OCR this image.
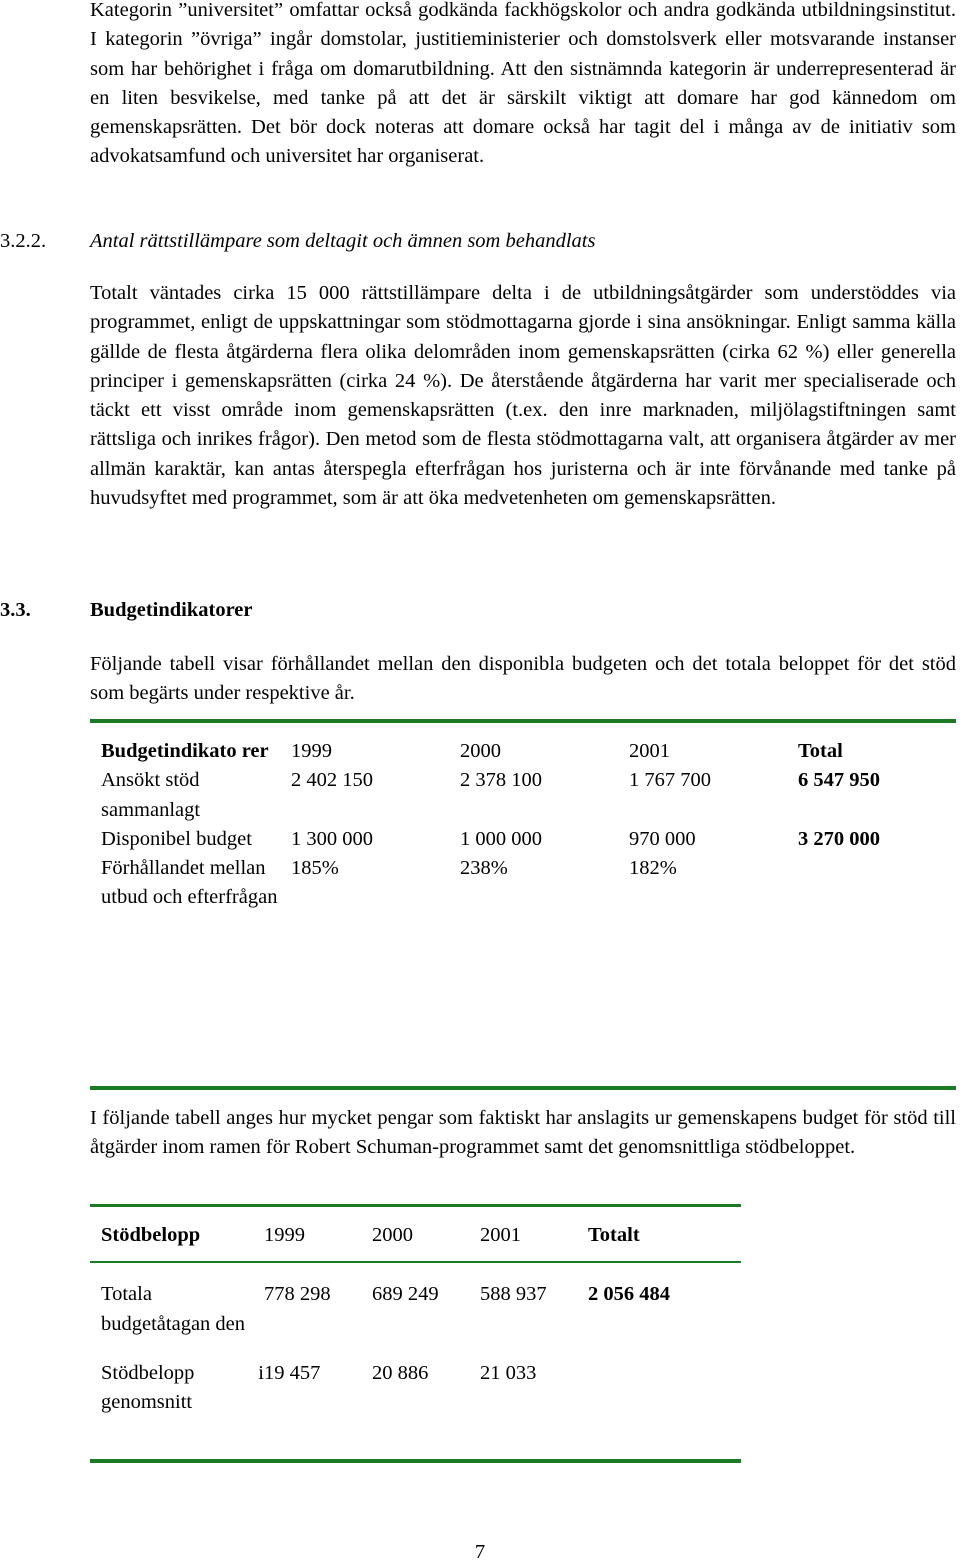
Kategorin ”universitet” omfattar också godkända fackhögskolor och andra godkända utbildningsinstitut. I kategorin ”övriga” ingår domstolar, justitieministerier och domstolsverk eller motsvarande instanser som har behörighet i fråga om domarutbildning. Att den sistnämnda kategorin är underrepresenterad är en liten besvikelse, med tanke på att det är särskilt viktigt att domare har god kännedom om gemenskapsrätten. Det bör dock noteras att domare också har tagit del i många av de initiativ som advokatsamfund och universitet har organiserat.
3.2.2. Antal rättstillämpare som deltagit och ämnen som behandlats
Totalt väntades cirka 15 000 rättstillämpare delta i de utbildningsåtgärder som understöddes via programmet, enligt de uppskattningar som stödmottagarna gjorde i sina ansökningar. Enligt samma källa gällde de flesta åtgärderna flera olika delområden inom gemenskapsrätten (cirka 62 %) eller generella principer i gemenskapsrätten (cirka 24 %). De återstående åtgärderna har varit mer specialiserade och täckt ett visst område inom gemenskapsrätten (t.ex. den inre marknaden, miljölagstiftningen samt rättsliga och inrikes frågor). Den metod som de flesta stödmottagarna valt, att organisera åtgärder av mer allmän karaktär, kan antas återspegla efterfrågan hos juristerna och är inte förvånande med tanke på huvudsyftet med programmet, som är att öka medvetenheten om gemenskapsrätten.
3.3.	Budgetindikatorer
Följande tabell visar förhållandet mellan den disponibla budgeten och det totala beloppet för det stöd som begärts under respektive år.
Budgetindikato rer	1999	2000	2001	Total
Ansökt stöd sammanlagt	2 402 150	2 378 100	1 767 700	6 547 950
Disponibel budget	1 300 000	1 000 000	970 000	3 270 000
Förhållandet mellan utbud och efterfrågan	185%	238%	182%	
I följande tabell anges hur mycket pengar som faktiskt har anslagits ur gemenskapens budget för stöd till åtgärder inom ramen för Robert Schuman-programmet samt det genomsnittliga stödbeloppet.
Stödbelopp	1999	2000	2001	Totalt
Totala budgetåtagan den	778 298	689 249	588 937	2 056 484
Stödbelopp i genomsnitt	19 457	20 886	21 033	
7
